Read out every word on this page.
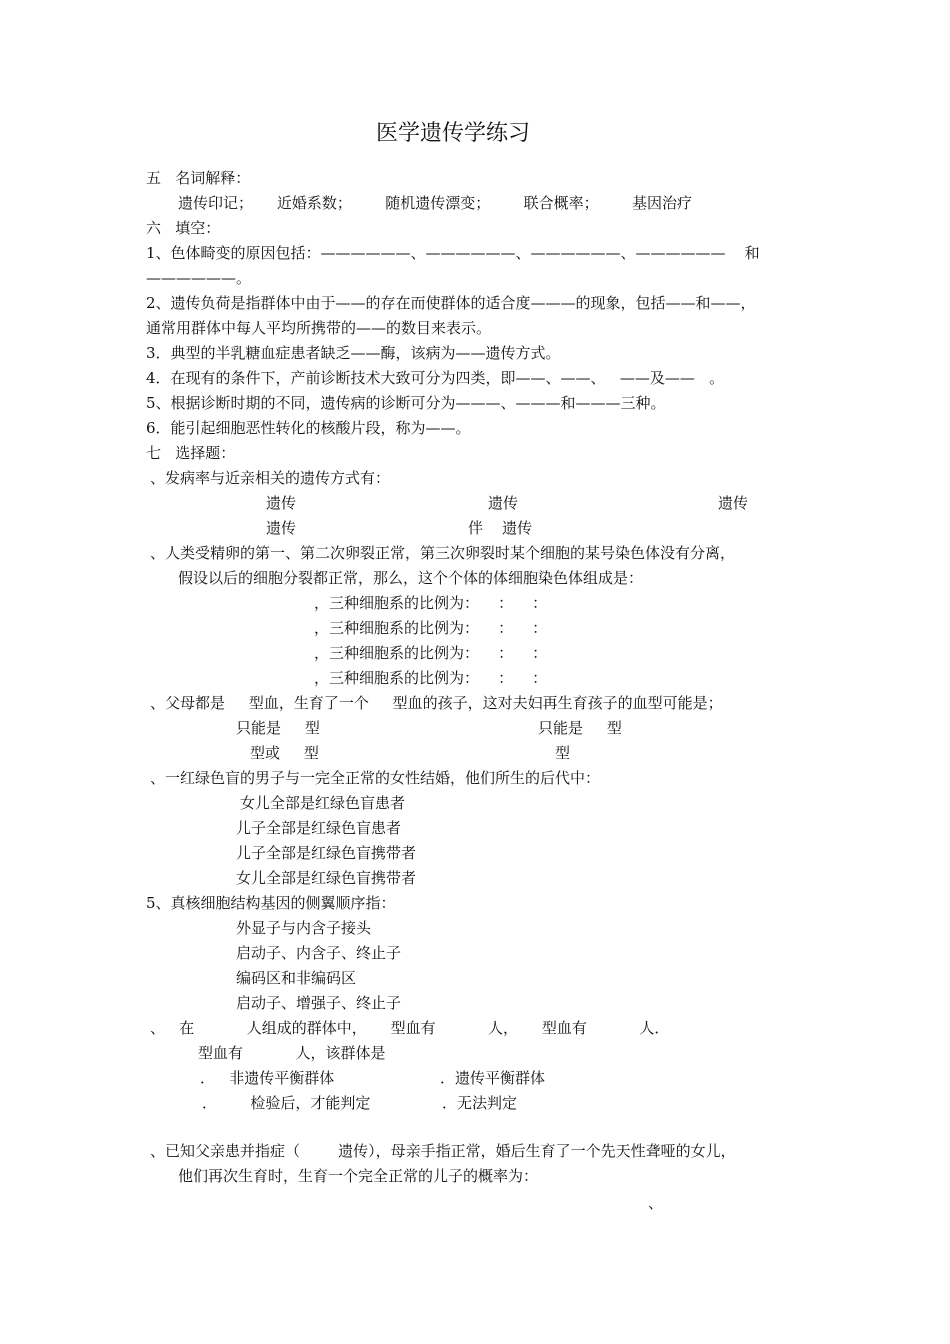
医学遗传学练习
五   名词解释：
遗传印记；     近婚系数；       随机遗传漂变；       联合概率；       基因治疗
六   填空：
1、色体畸变的原因包括：——————、——————、——————、——————    和
——————。
2、遗传负荷是指群体中由于——的存在而使群体的适合度———的现象，包括——和——，
通常用群体中每人平均所携带的——的数目来表示。
3．典型的半乳糖血症患者缺乏——酶，该病为——遗传方式。
4．在现有的条件下，产前诊断技术大致可分为四类，即——、——、   ——及——   。
5、根据诊断时期的不同，遗传病的诊断可分为———、———和———三种。
6．能引起细胞恶性转化的核酸片段，称为——。
七   选择题：
、发病率与近亲相关的遗传方式有：
遗传	遗传	遗传
遗传	伴    遗传
、人类受精卵的第一、第二次卵裂正常，第三次卵裂时某个细胞的某号染色体没有分离，
假设以后的细胞分裂都正常，那么，这个个体的体细胞染色体组成是：
，三种细胞系的比例为：    ：    ：
，三种细胞系的比例为：    ：    ：
，三种细胞系的比例为：    ：    ：
，三种细胞系的比例为：    ：    ：
、父母都是     型血，生育了一个     型血的孩子，这对夫妇再生育孩子的血型可能是；
只能是     型	只能是     型
型或     型	型
、一红绿色盲的男子与一完全正常的女性结婚，他们所生的后代中：
女儿全部是红绿色盲患者
儿子全部是红绿色盲患者
儿子全部是红绿色盲携带者
女儿全部是红绿色盲携带者
5、真核细胞结构基因的侧翼顺序指：
外显子与内含子接头
启动子、内含子、终止子
编码区和非编码区
启动子、增强子、终止子
、   在           人组成的群体中，     型血有           人，     型血有           人．
型血有           人，该群体是
．   非遗传平衡群体	．遗传平衡群体
．       检验后，才能判定	．无法判定
、已知父亲患并指症（        遗传），母亲手指正常，婚后生育了一个先天性聋哑的女儿，
他们再次生育时，生育一个完全正常的儿子的概率为：
、
